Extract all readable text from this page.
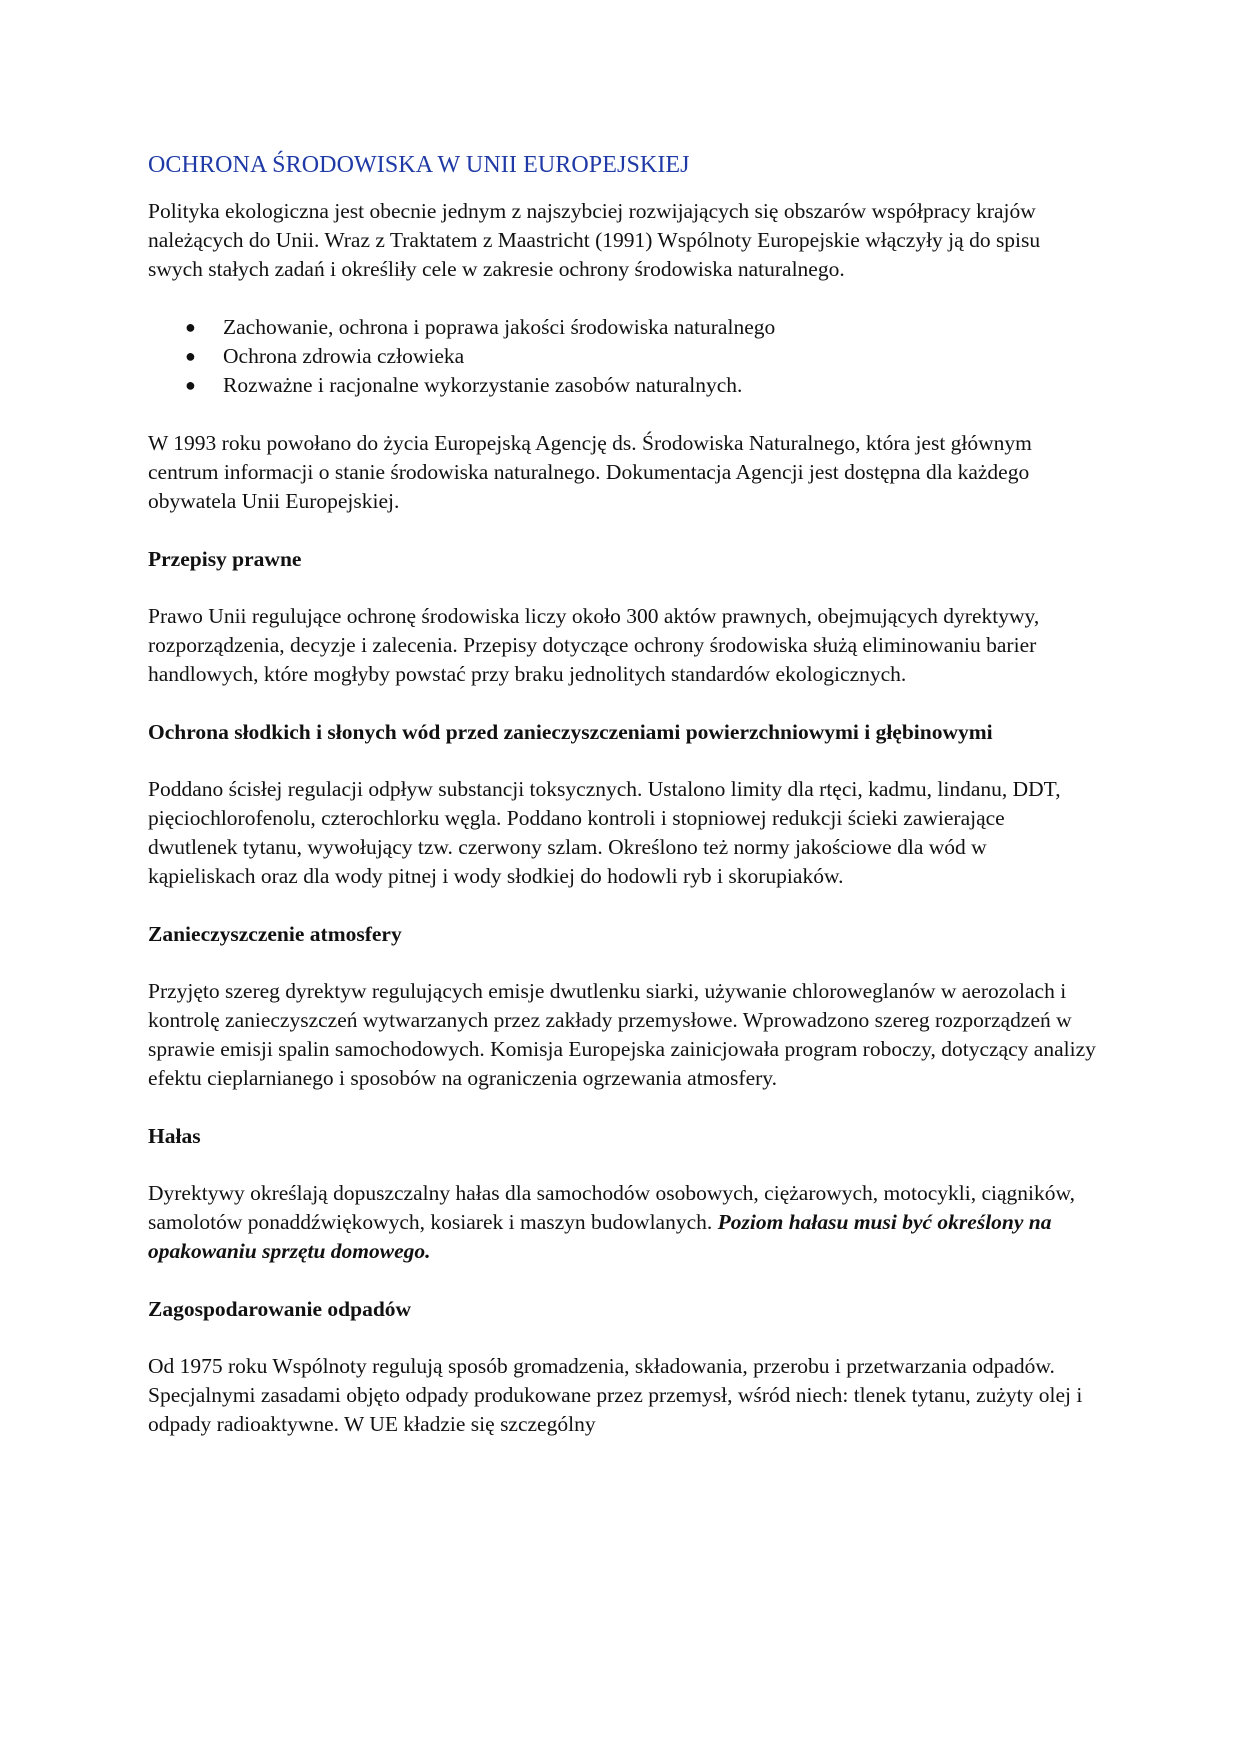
OCHRONA ŚRODOWISKA W UNII EUROPEJSKIEJ

Polityka ekologiczna jest obecnie jednym z najszybciej rozwijających się obszarów współpracy krajów należących do Unii. Wraz z Traktatem z Maastricht (1991) Wspólnoty Europejskie włączyły ją do spisu swych stałych zadań i określiły cele w zakresie ochrony środowiska naturalnego.

● Zachowanie, ochrona i poprawa jakości środowiska naturalnego
● Ochrona zdrowia człowieka
● Rozważne i racjonalne wykorzystanie zasobów naturalnych.

W 1993 roku powołano do życia Europejską Agencję ds. Środowiska Naturalnego, która jest głównym centrum informacji o stanie środowiska naturalnego. Dokumentacja Agencji jest dostępna dla każdego obywatela Unii Europejskiej.

Przepisy prawne

Prawo Unii regulujące ochronę środowiska liczy około 300 aktów prawnych, obejmujących dyrektywy, rozporządzenia, decyzje i zalecenia. Przepisy dotyczące ochrony środowiska służą eliminowaniu barier handlowych, które mogłyby powstać przy braku jednolitych standardów ekologicznych.

Ochrona słodkich i słonych wód przed zanieczyszczeniami powierzchniowymi i głębinowymi

Poddano ścisłej regulacji odpływ substancji toksycznych. Ustalono limity dla rtęci, kadmu, lindanu, DDT, pięciochlorofenolu, czterochlorku węgla. Poddano kontroli i stopniowej redukcji ścieki zawierające dwutlenek tytanu, wywołujący tzw. czerwony szlam. Określono też normy jakościowe dla wód w kąpieliskach oraz dla wody pitnej i wody słodkiej do hodowli ryb i skorupiaków.

Zanieczyszczenie atmosfery

Przyjęto szereg dyrektyw regulujących emisje dwutlenku siarki, używanie chloroweglanów w aerozolach i kontrolę zanieczyszczeń wytwarzanych przez zakłady przemysłowe. Wprowadzono szereg rozporządzeń w sprawie emisji spalin samochodowych. Komisja Europejska zainicjowała program roboczy, dotyczący analizy efektu cieplarnianego i sposobów na ograniczenia ogrzewania atmosfery.

Hałas

Dyrektywy określają dopuszczalny hałas dla samochodów osobowych, ciężarowych, motocykli, ciągników, samolotów ponaddźwiękowych, kosiarek i maszyn budowlanych. Poziom hałasu musi być określony na opakowaniu sprzętu domowego.

Zagospodarowanie odpadów

Od 1975 roku Wspólnoty regulują sposób gromadzenia, składowania, przerobu i przetwarzania odpadów. Specjalnymi zasadami objęto odpady produkowane przez przemysł, wśród niech: tlenek tytanu, zużyty olej i odpady radioaktywne. W UE kładzie się szczególny
